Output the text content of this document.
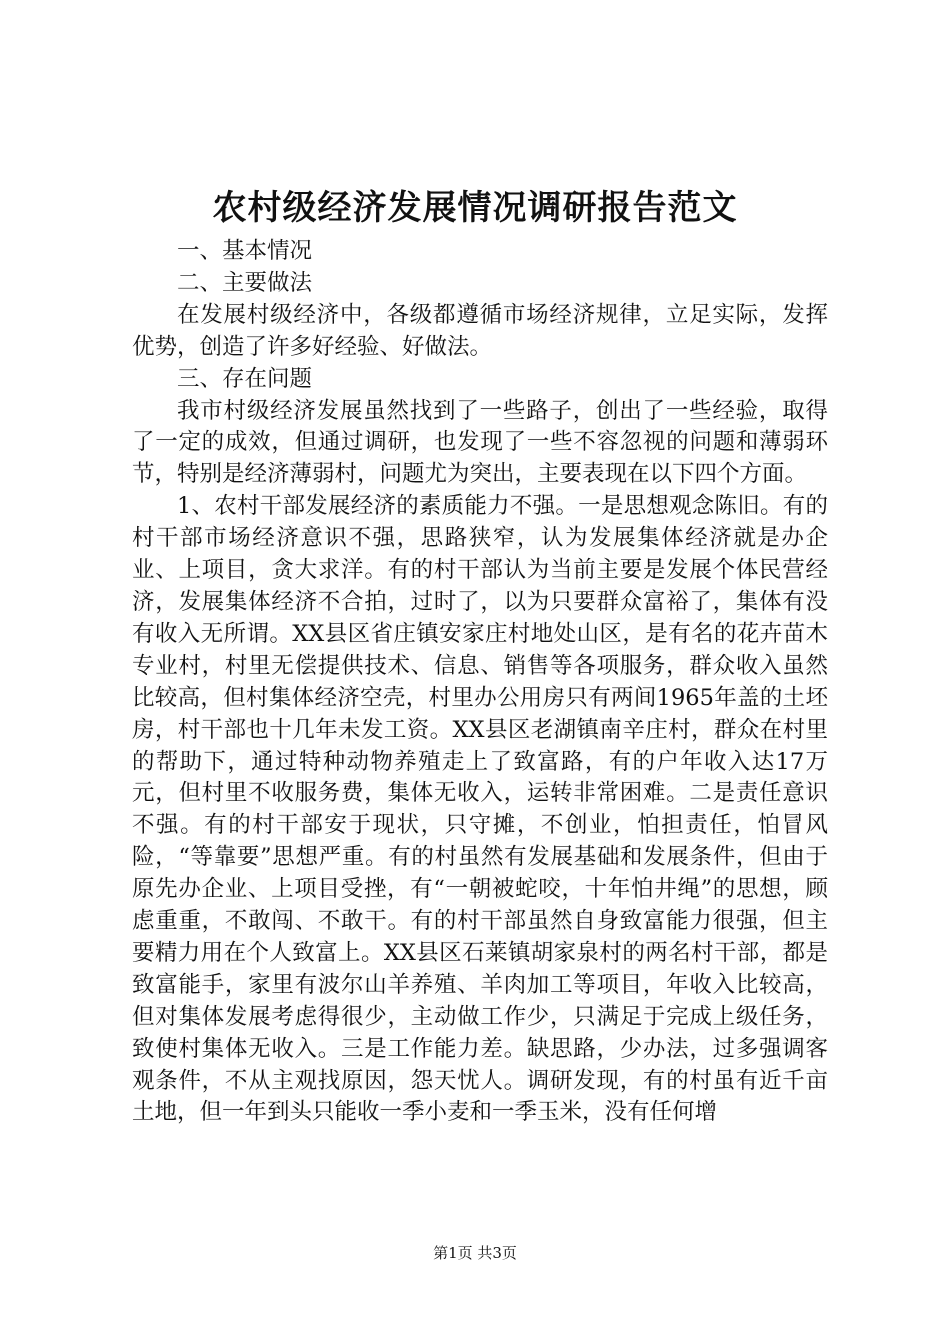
农村级经济发展情况调研报告范文

一、基本情况

二、主要做法

在发展村级经济中，各级都遵循市场经济规律，立足实际，发挥优势，创造了许多好经验、好做法。

三、存在问题

我市村级经济发展虽然找到了一些路子，创出了一些经验，取得了一定的成效，但通过调研，也发现了一些不容忽视的问题和薄弱环节，特别是经济薄弱村，问题尤为突出，主要表现在以下四个方面。

1、农村干部发展经济的素质能力不强。一是思想观念陈旧。有的村干部市场经济意识不强，思路狭窄，认为发展集体经济就是办企业、上项目，贪大求洋。有的村干部认为当前主要是发展个体民营经济，发展集体经济不合拍，过时了，以为只要群众富裕了，集体有没有收入无所谓。XX县区省庄镇安家庄村地处山区，是有名的花卉苗木专业村，村里无偿提供技术、信息、销售等各项服务，群众收入虽然比较高，但村集体经济空壳，村里办公用房只有两间1965年盖的土坯房，村干部也十几年未发工资。XX县区老湖镇南辛庄村，群众在村里的帮助下，通过特种动物养殖走上了致富路，有的户年收入达17万元，但村里不收服务费，集体无收入，运转非常困难。二是责任意识不强。有的村干部安于现状，只守摊，不创业，怕担责任，怕冒风险，“等靠要”思想严重。有的村虽然有发展基础和发展条件，但由于原先办企业、上项目受挫，有“一朝被蛇咬，十年怕井绳”的思想，顾虑重重，不敢闯、不敢干。有的村干部虽然自身致富能力很强，但主要精力用在个人致富上。XX县区石莱镇胡家泉村的两名村干部，都是致富能手，家里有波尔山羊养殖、羊肉加工等项目，年收入比较高，但对集体发展考虑得很少，主动做工作少，只满足于完成上级任务，致使村集体无收入。三是工作能力差。缺思路，少办法，过多强调客观条件，不从主观找原因，怨天忧人。调研发现，有的村虽有近千亩土地，但一年到头只能收一季小麦和一季玉米，没有任何增

第1页 共3页
